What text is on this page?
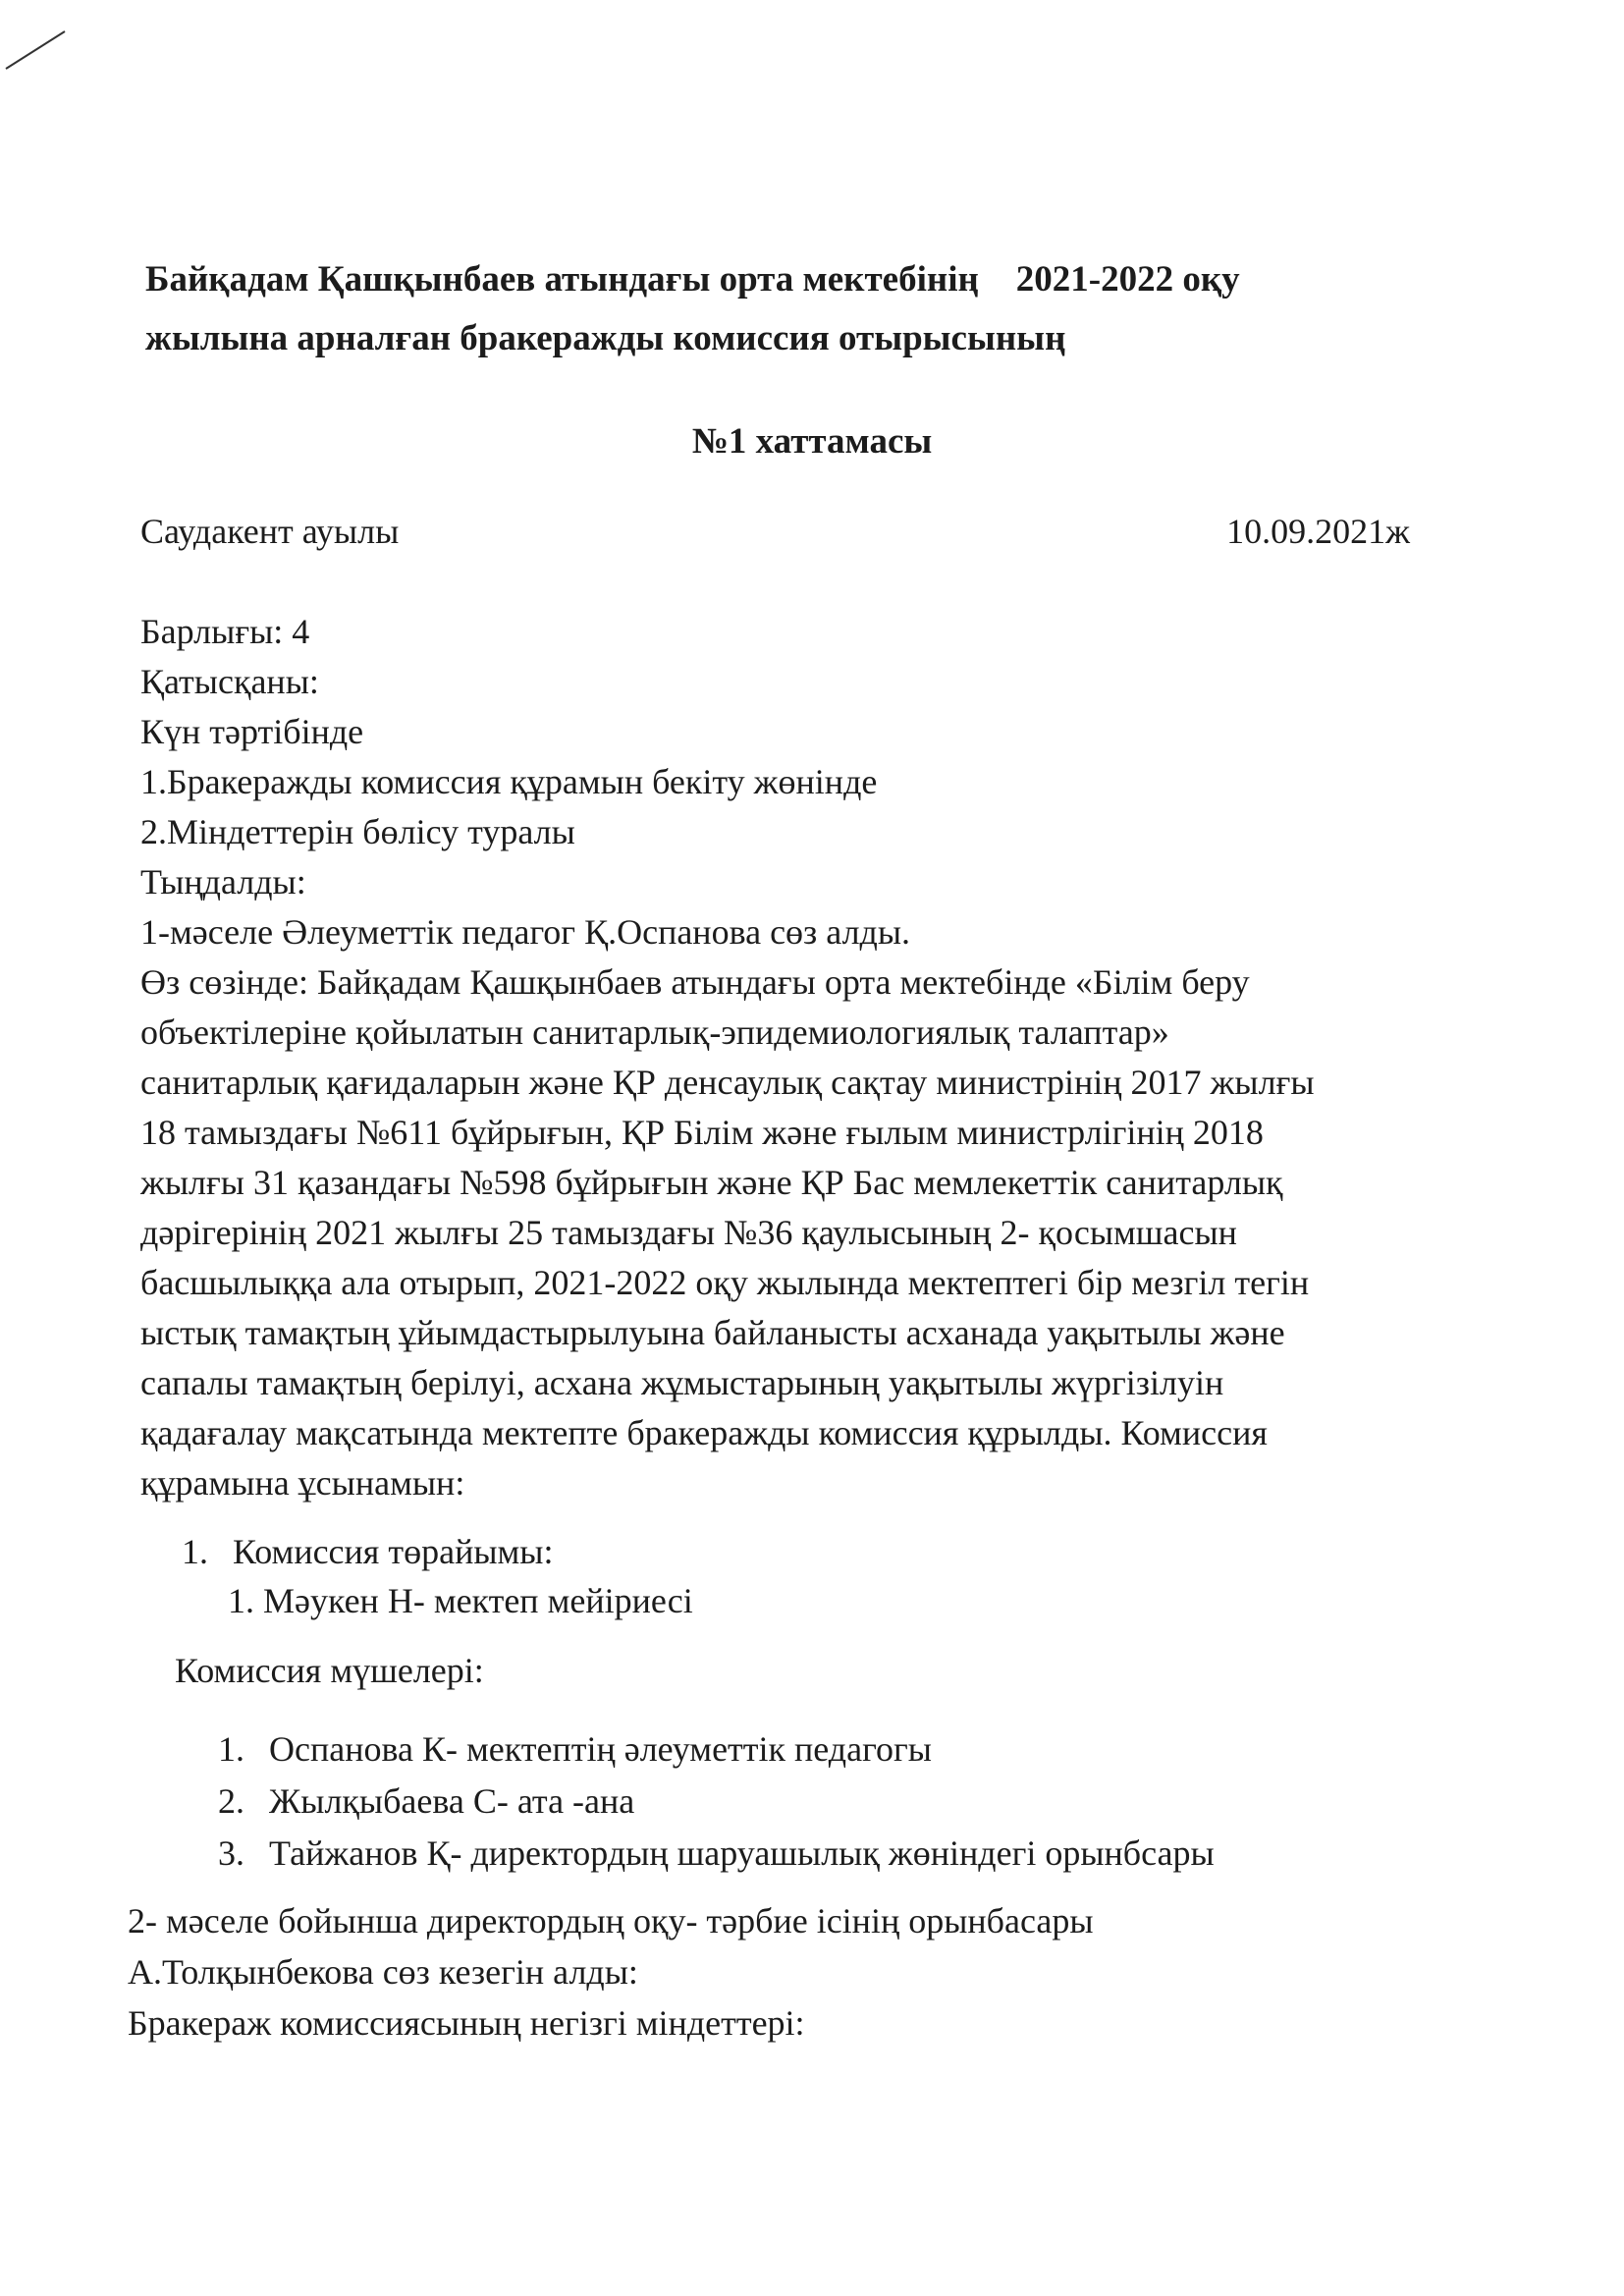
Байқадам Қашқынбаев атындағы орта мектебінің 2021-2022 оқу
жылына арналған бракеражды комиссия отырысының
№1 хаттамасы
Саудакент ауылы	10.09.2021ж
Барлығы: 4
Қатысқаны:
Күн тәртібінде
1.Бракеражды комиссия құрамын бекіту жөнінде
2.Міндеттерін бөлісу туралы
Тыңдалды:
1-мәселе Әлеуметтік педагог Қ.Оспанова сөз алды.
Өз сөзінде: Байқадам Қашқынбаев атындағы орта мектебінде «Білім беру
объектілеріне қойылатын санитарлық-эпидемиологиялық талаптар»
санитарлық қағидаларын және ҚР денсаулық сақтау министрінің 2017 жылғы
18 тамыздағы №611 бұйрығын, ҚР Білім және ғылым министрлігінің 2018
жылғы 31 қазандағы №598 бұйрығын және ҚР Бас мемлекеттік санитарлық
дәрігерінің 2021 жылғы 25 тамыздағы №36 қаулысының 2- қосымшасын
басшылыққа ала отырып, 2021-2022 оқу жылында мектептегі бір мезгіл тегін
ыстық тамақтың ұйымдастырылуына байланысты асханада уақытылы және
сапалы тамақтың берілуі, асхана жұмыстарының уақытылы жүргізілуін
қадағалау мақсатында мектепте бракеражды комиссия құрылды. Комиссия
құрамына ұсынамын:
1. Комиссия төрайымы:
1. Мәукен Н- мектеп мейіриесі
Комиссия мүшелері:
1. Оспанова К- мектептің әлеуметтік педагогы
2. Жылқыбаева С- ата -ана
3. Тайжанов Қ- директордың шаруашылық жөніндегі орынбсары
2- мәселе бойынша директордың оқу- тәрбие ісінің орынбасары
А.Толқынбекова сөз кезегін алды:
Бракераж комиссиясының негізгі міндеттері:
